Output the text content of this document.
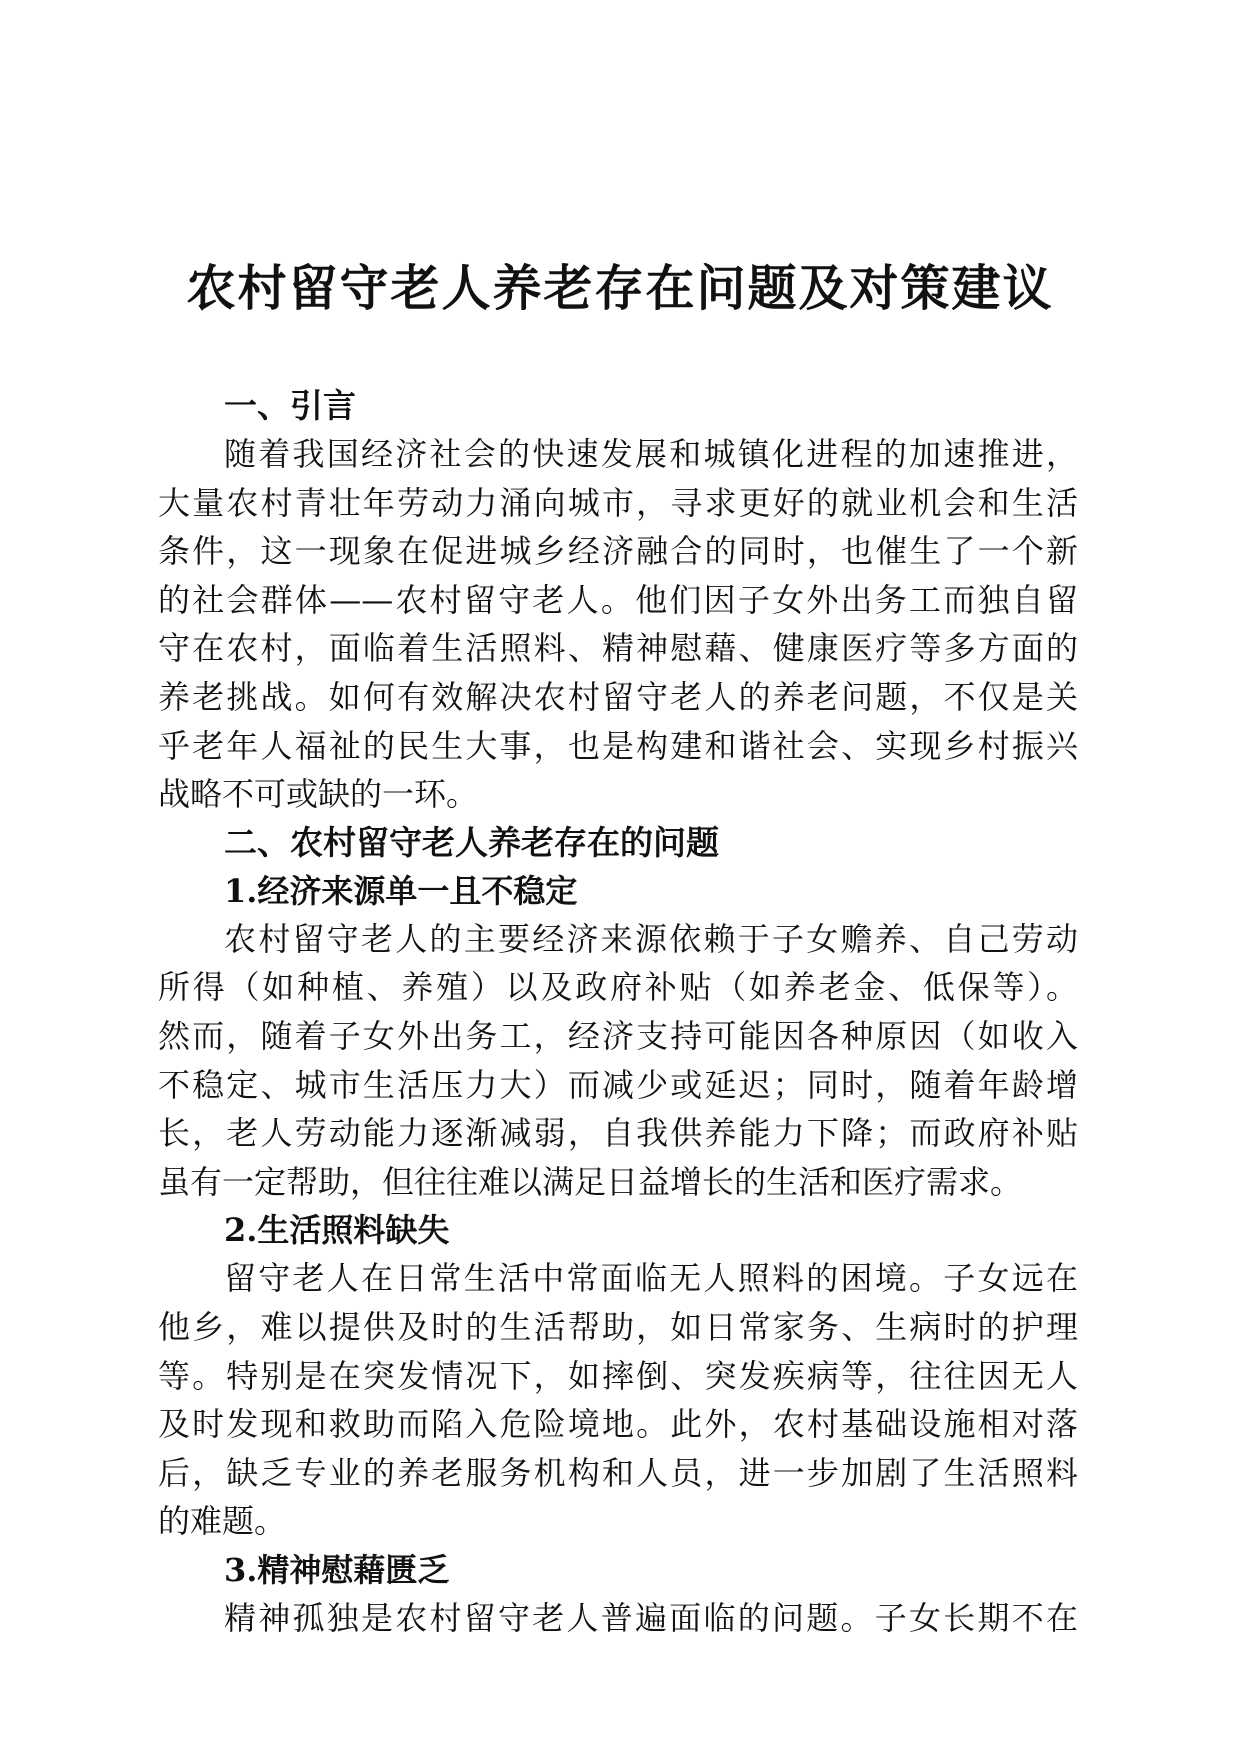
农村留守老人养老存在问题及对策建议
一、引言
随着我国经济社会的快速发展和城镇化进程的加速推进，
大量农村青壮年劳动力涌向城市，寻求更好的就业机会和生活
条件，这一现象在促进城乡经济融合的同时，也催生了一个新
的社会群体——农村留守老人。他们因子女外出务工而独自留
守在农村，面临着生活照料、精神慰藉、健康医疗等多方面的
养老挑战。如何有效解决农村留守老人的养老问题，不仅是关
乎老年人福祉的民生大事，也是构建和谐社会、实现乡村振兴
战略不可或缺的一环。
二、农村留守老人养老存在的问题
1.经济来源单一且不稳定
农村留守老人的主要经济来源依赖于子女赡养、自己劳动
所得（如种植、养殖）以及政府补贴（如养老金、低保等）。
然而，随着子女外出务工，经济支持可能因各种原因（如收入
不稳定、城市生活压力大）而减少或延迟；同时，随着年龄增
长，老人劳动能力逐渐减弱，自我供养能力下降；而政府补贴
虽有一定帮助，但往往难以满足日益增长的生活和医疗需求。
2.生活照料缺失
留守老人在日常生活中常面临无人照料的困境。子女远在
他乡，难以提供及时的生活帮助，如日常家务、生病时的护理
等。特别是在突发情况下，如摔倒、突发疾病等，往往因无人
及时发现和救助而陷入危险境地。此外，农村基础设施相对落
后，缺乏专业的养老服务机构和人员，进一步加剧了生活照料
的难题。
3.精神慰藉匮乏
精神孤独是农村留守老人普遍面临的问题。子女长期不在
